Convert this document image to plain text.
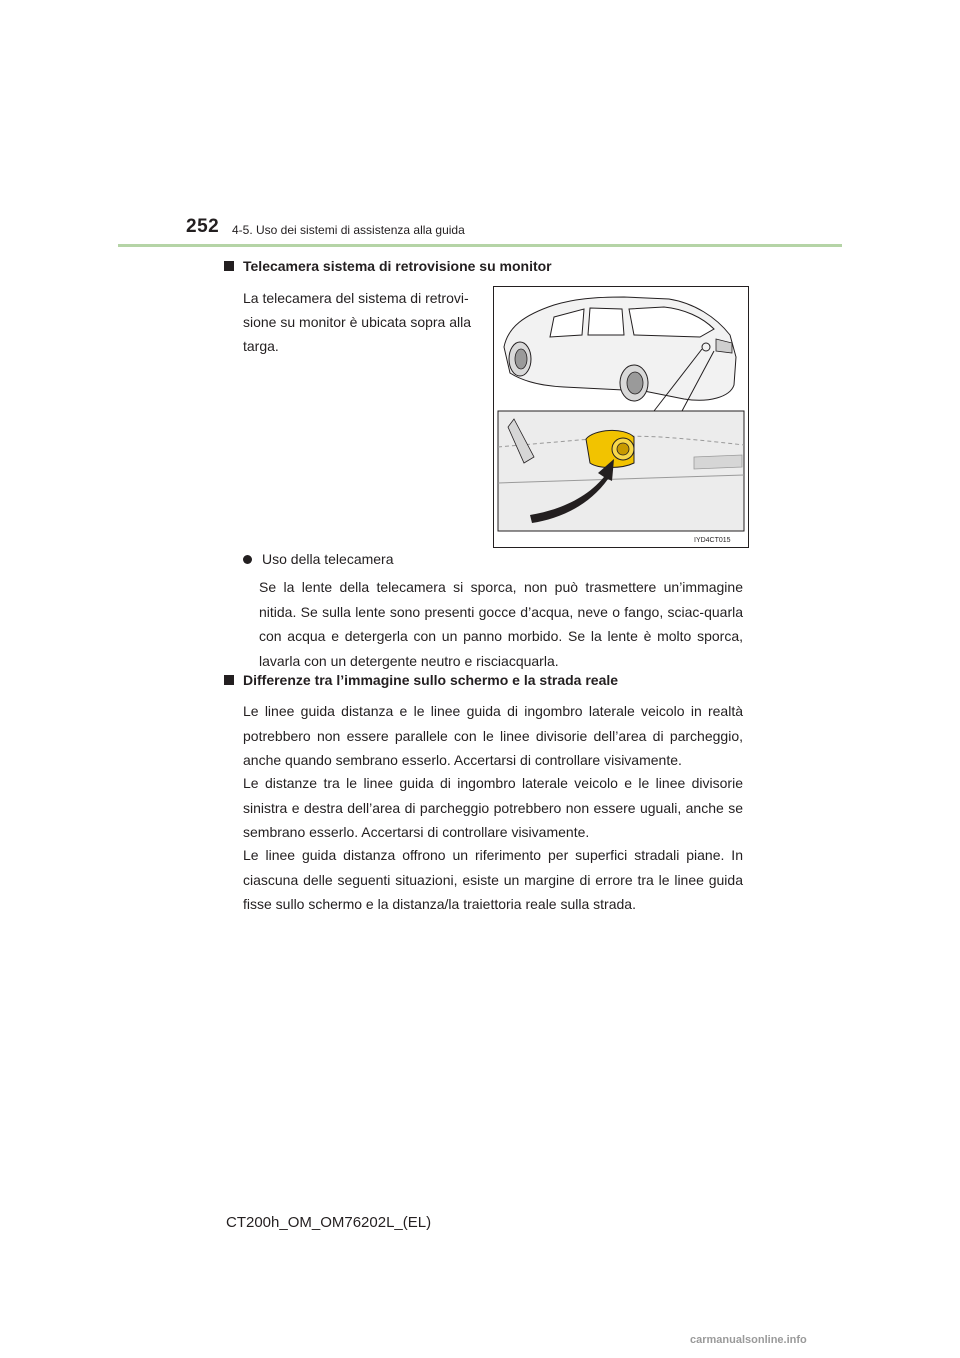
252 4-5. Uso dei sistemi di assistenza alla guida
Telecamera sistema di retrovisione su monitor
La telecamera del sistema di retrovi-
sione su monitor è ubicata sopra alla
targa.
IYD4CT015
Uso della telecamera
Se la lente della telecamera si sporca, non può trasmettere un’immagine nitida. Se sulla lente sono presenti gocce d’acqua, neve o fango, sciac-quarla con acqua e detergerla con un panno morbido. Se la lente è molto sporca, lavarla con un detergente neutro e risciacquarla.
Differenze tra l’immagine sullo schermo e la strada reale
Le linee guida distanza e le linee guida di ingombro laterale veicolo in realtà potrebbero non essere parallele con le linee divisorie dell’area di parcheggio, anche quando sembrano esserlo. Accertarsi di controllare visivamente.
Le distanze tra le linee guida di ingombro laterale veicolo e le linee divisorie sinistra e destra dell’area di parcheggio potrebbero non essere uguali, anche se sembrano esserlo. Accertarsi di controllare visivamente.
Le linee guida distanza offrono un riferimento per superfici stradali piane. In ciascuna delle seguenti situazioni, esiste un margine di errore tra le linee guida fisse sullo schermo e la distanza/la traiettoria reale sulla strada.
CT200h_OM_OM76202L_(EL)
carmanualsonline.info
